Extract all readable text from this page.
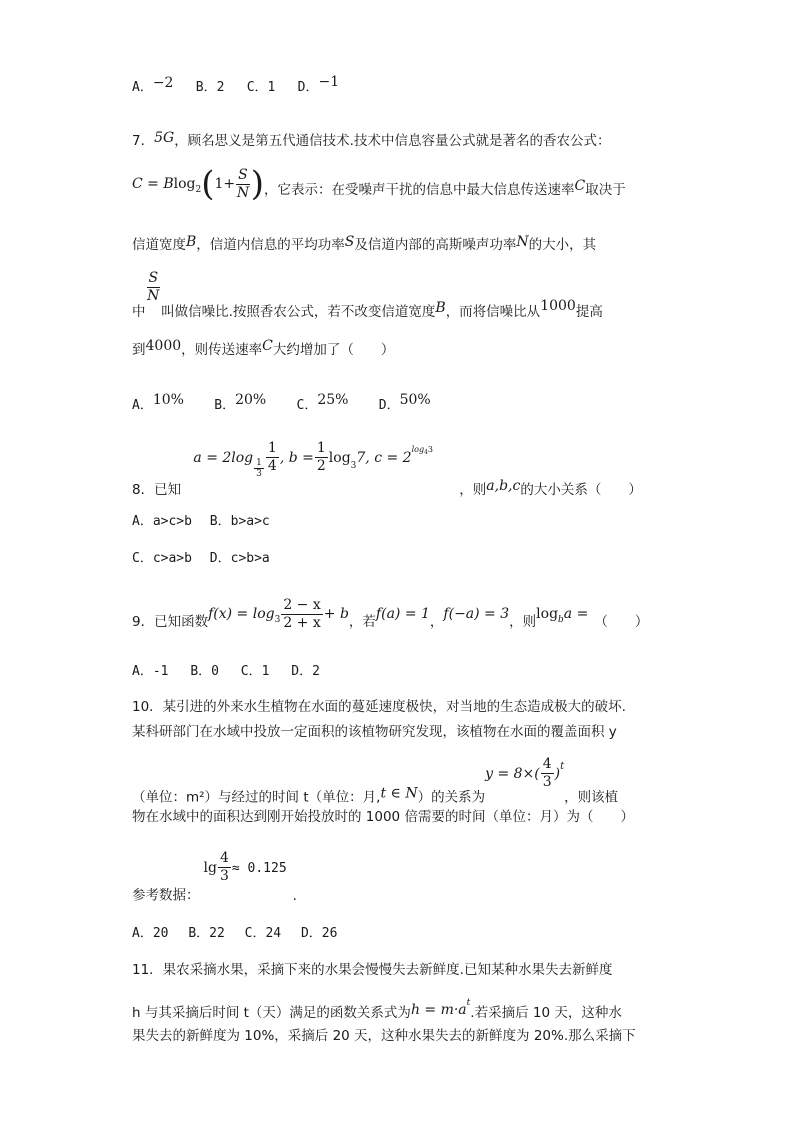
A．−2 B．2 C．1 D．−1
7．5G，顾名思义是第五代通信技术.技术中信息容量公式就是著名的香农公式：
$C = Blog_2(1+ \frac{S}{N}$ )，它表示：在受噪声干扰的信息中最大信息传送速率C取决于
信道宽度B，信道内信息的平均功率S及信道内部的高斯噪声功率N的大小，其
中
$\frac{S}{N}$
叫做信噪比.按照香农公式，若不改变信道宽度B，而将信噪比从1000提高
到4000，则传送速率C大约增加了（　　）
A．10% B．20% C．25% D．50%
8．已知 $a = 2\log \frac{1}{3} \frac{1}{4}$ , $b = \frac{1}{2} \log_37$, $c = 2^{log43}$ ，则a,b,c的大小关系（　　）
A．a>c>b B．b>a>c
C．c>a>b D．c>b>a
9．已知函数$f(x) = \log_3 \frac{2 - x}{2 + x} + b$，若f(a) = 1，f(−a) = 3，则$\log_ba$ = （　　）
A．-1 B．0 C．1 D．2
10．某引进的外来水生植物在水面的蔓延速度极快，对当地的生态造成极大的破坏.
某科研部门在水域中投放一定面积的该植物研究发现，该植物在水面的覆盖面积 y
（单位：m²）与经过的时间 t（单位：月,t ∈ N）的关系为$y = 8\times( \frac{4}{3} )^t$，则该植
物在水域中的面积达到刚开始投放时的 1000 倍需要的时间（单位：月）为（　　）
参考数据：$\lg \frac{4}{3} \approx 0.125$.
A．20 B．22 C．24 D．26
11．果农采摘水果，采摘下来的水果会慢慢失去新鲜度.已知某种水果失去新鲜度
h 与其采摘后时间 t（天）满足的函数关系式为$h = m\cdot a^t$.若采摘后 10 天，这种水
果失去的新鲜度为 10%，采摘后 20 天，这种水果失去的新鲜度为 20%.那么采摘下
